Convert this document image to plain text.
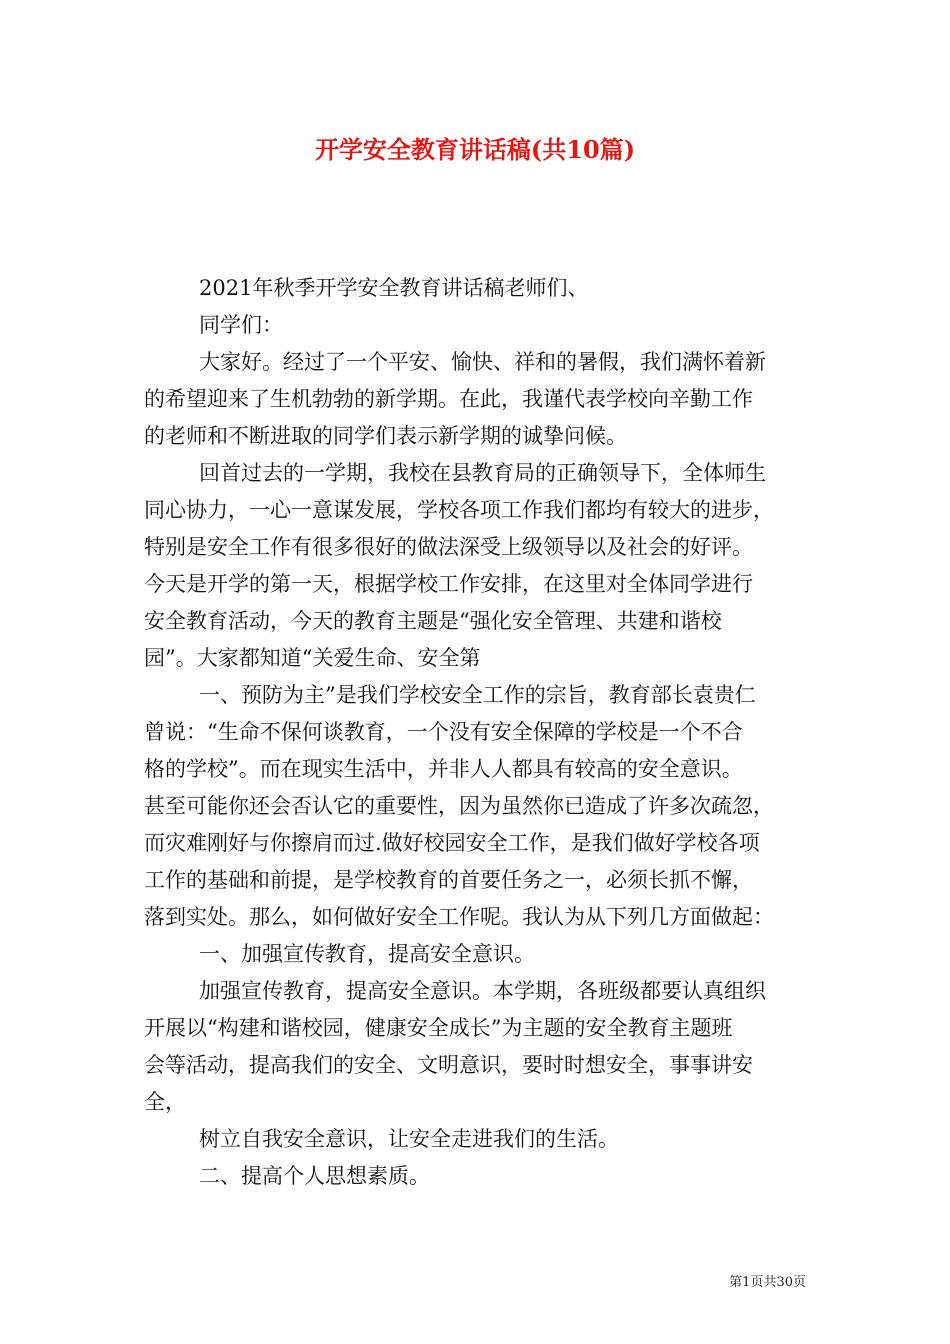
开学安全教育讲话稿(共10篇)
2021年秋季开学安全教育讲话稿老师们、
同学们：
大家好。经过了一个平安、愉快、祥和的暑假，我们满怀着新
的希望迎来了生机勃勃的新学期。在此，我谨代表学校向辛勤工作
的老师和不断进取的同学们表示新学期的诚挚问候。
回首过去的一学期，我校在县教育局的正确领导下，全体师生
同心协力，一心一意谋发展，学校各项工作我们都均有较大的进步，
特别是安全工作有很多很好的做法深受上级领导以及社会的好评。
今天是开学的第一天，根据学校工作安排，在这里对全体同学进行
安全教育活动，今天的教育主题是“强化安全管理、共建和谐校
园”。大家都知道“关爱生命、安全第
一、预防为主”是我们学校安全工作的宗旨，教育部长袁贵仁
曾说：“生命不保何谈教育，一个没有安全保障的学校是一个不合
格的学校”。而在现实生活中，并非人人都具有较高的安全意识。
甚至可能你还会否认它的重要性，因为虽然你已造成了许多次疏忽，
而灾难刚好与你擦肩而过.做好校园安全工作，是我们做好学校各项
工作的基础和前提，是学校教育的首要任务之一，必须长抓不懈，
落到实处。那么，如何做好安全工作呢。我认为从下列几方面做起：
一、加强宣传教育，提高安全意识。
加强宣传教育，提高安全意识。本学期，各班级都要认真组织
开展以“构建和谐校园，健康安全成长”为主题的安全教育主题班
会等活动，提高我们的安全、文明意识，要时时想安全，事事讲安
全，
树立自我安全意识，让安全走进我们的生活。
二、提高个人思想素质。
第1页共30页
